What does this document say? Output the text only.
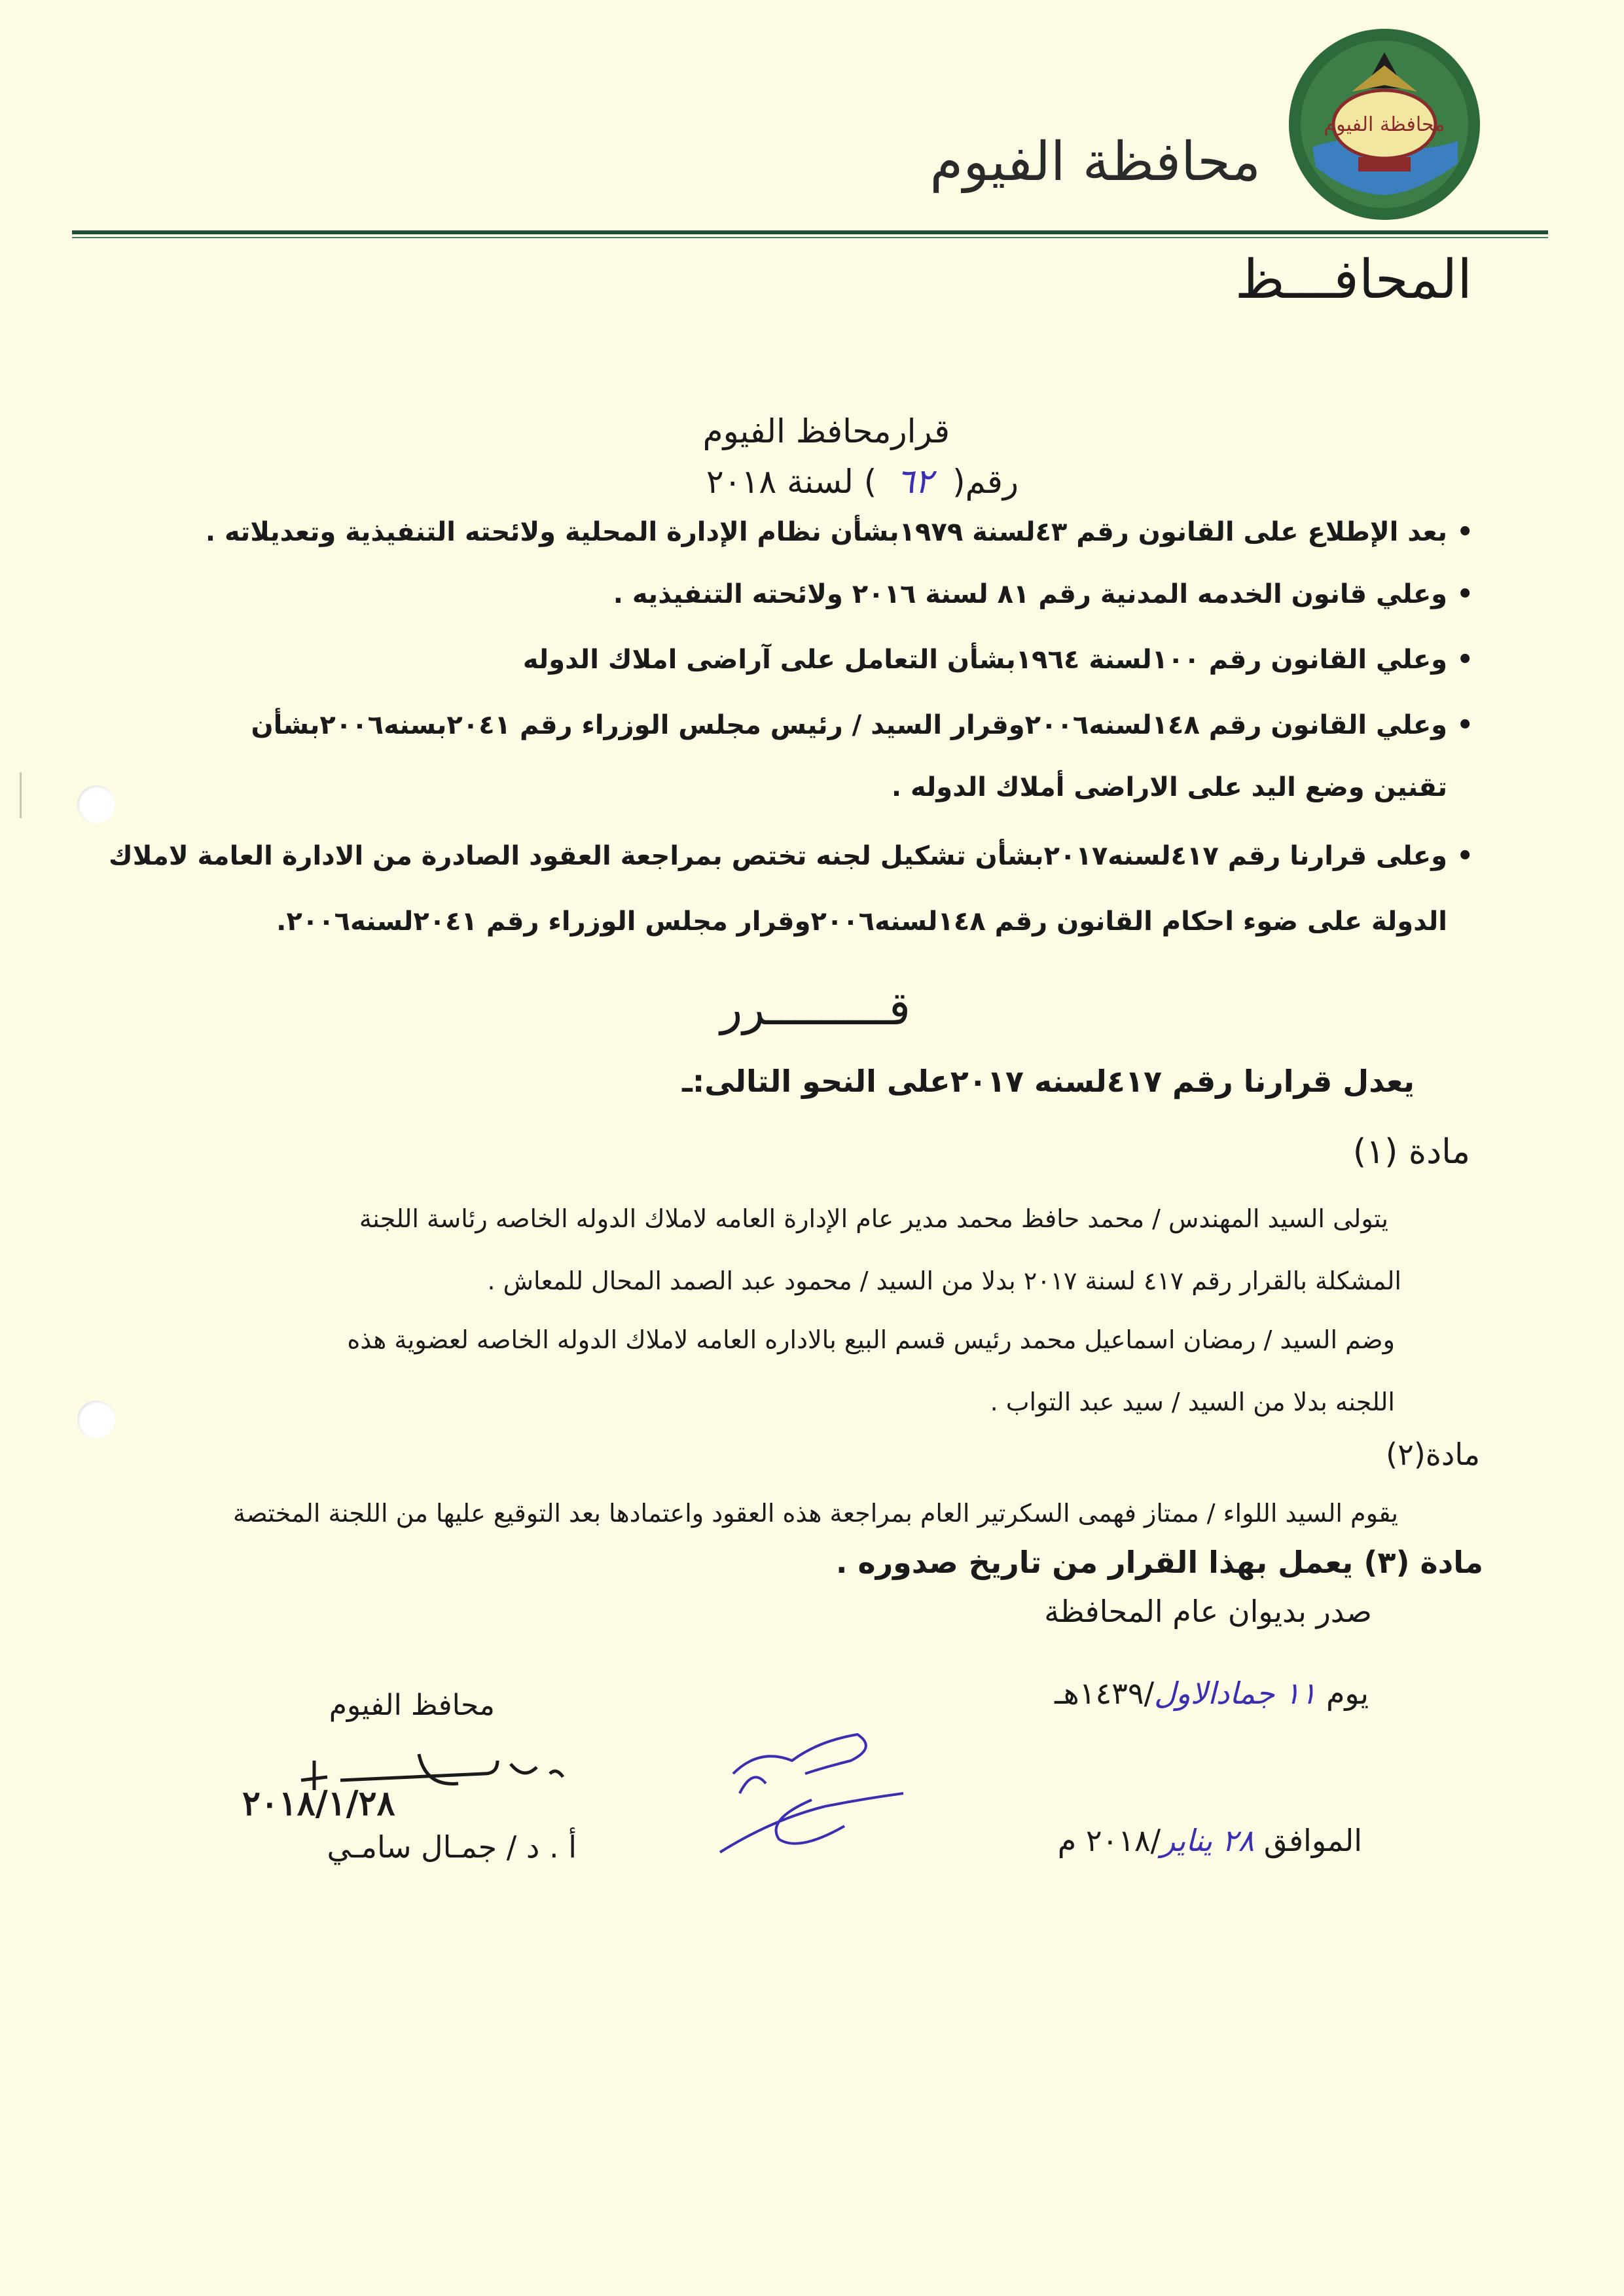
محافظة الفيوم
محافظة الفيوم
المحافـــظ
قرارمحافظ الفيوم
رقم(٦٢) لسنة ٢٠١٨
• بعد الإطلاع على القانون رقم ٤٣لسنة ١٩٧٩بشأن نظام الإدارة المحلية ولائحته التنفيذية وتعديلاته .
• وعلي قانون الخدمه المدنية رقم ٨١ لسنة ٢٠١٦ ولائحته التنفيذيه .
• وعلي القانون رقم ١٠٠لسنة ١٩٦٤بشأن التعامل على آراضى املاك الدوله
• وعلي القانون رقم ١٤٨لسنه٢٠٠٦وقرار السيد / رئيس مجلس الوزراء رقم ٢٠٤١بسنه٢٠٠٦بشأن
تقنين وضع اليد على الاراضى أملاك الدوله .
• وعلى قرارنا رقم ٤١٧لسنه٢٠١٧بشأن تشكيل لجنه تختص بمراجعة العقود الصادرة من الادارة العامة لاملاك
الدولة على ضوء احكام القانون رقم ١٤٨لسنه٢٠٠٦وقرار مجلس الوزراء رقم ٢٠٤١لسنه٢٠٠٦.
قـــــــــرر
يعدل قرارنا رقم ٤١٧لسنه ٢٠١٧على النحو التالى:ـ
مادة (١)
يتولى السيد المهندس / محمد حافظ محمد مدير عام الإدارة العامه لاملاك الدوله الخاصه رئاسة اللجنة
المشكلة بالقرار رقم ٤١٧ لسنة ٢٠١٧ بدلا من السيد / محمود عبد الصمد المحال للمعاش .
وضم السيد / رمضان اسماعيل محمد رئيس قسم البيع بالاداره العامه لاملاك الدوله الخاصه لعضوية هذه
اللجنه بدلا من السيد / سيد عبد التواب .
مادة(٢)
يقوم السيد اللواء / ممتاز فهمى السكرتير العام بمراجعة هذه العقود واعتمادها بعد التوقيع عليها من اللجنة المختصة
مادة (٣) يعمل بهذا القرار من تاريخ صدوره .
صدر بديوان عام المحافظة
يوم ١١ جمادالاول/١٤٣٩هـ
الموافق ٢٨ يناير/٢٠١٨ م
محافظ الفيوم
٢٠١٨/١/٢٨
أ . د / جمـال سامـي
